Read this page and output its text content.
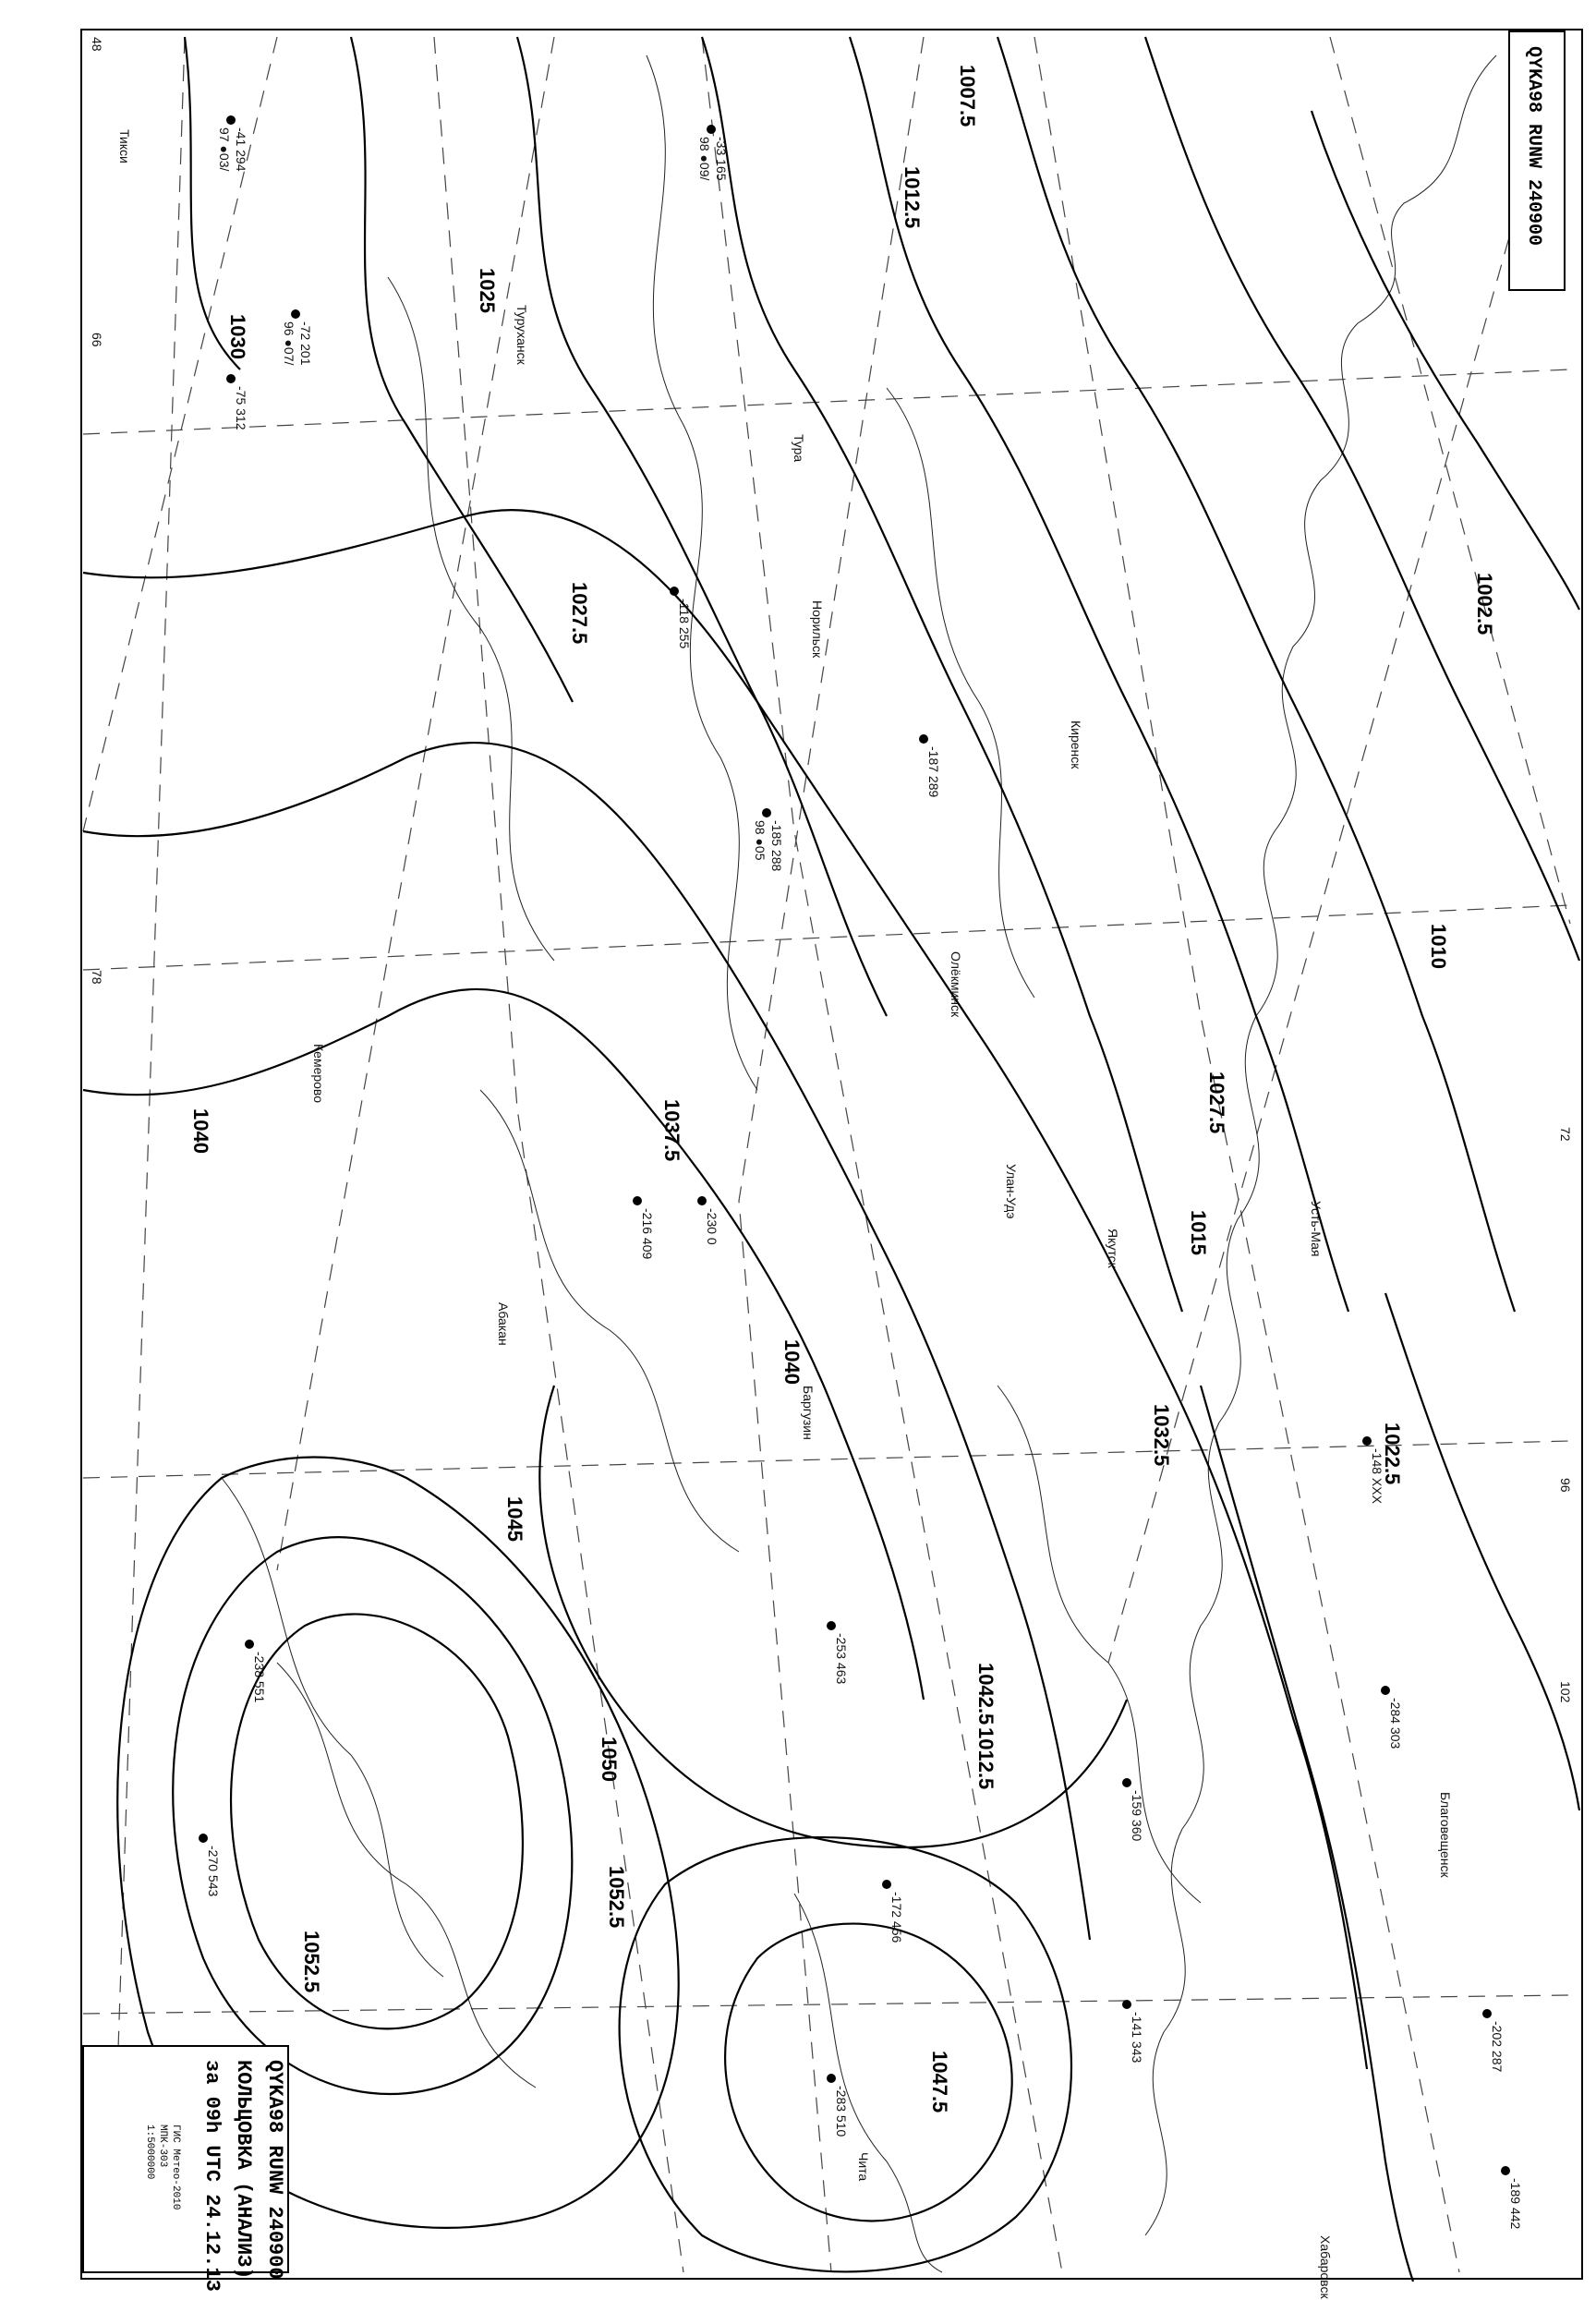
1052.5
1052.5
1050
1047.5
1045
1042.5
1040
1040	1037.5
1032.5
1030
1027.5
1027.5
1025
1022.5
1015
1012.5
1012.5
1010
1002.5
1007.5
-41 294
97 ●03/	-33 165
98 ●09/
-72 201
96 ●07/
-185 288
98 ●05
-216 409
-238 551
-270 543
-283 510
-148 XXX
-202 287
-284 303
-159 360
-141 343
-189 442
-75 312
-118 255
-187 289
-230 0
-253 463
-172 456
Тикси
Туруханск
Норильск
Олёкминск
Якутск
Абакан
Баргузин
Улан-Удэ
Кемерово
Чита
Благовещенск
Хабаровск
Усть-Мая
Киренск
Тура
48
66
78
72
96
102
QYKA98 RUNW 240900
QYKA98 RUNW 240900
КОЛЬЦОВКА (АНАЛИЗ)
за 09h UTC 24.12.13
ГИС Метео-2010
МПК-303
1:5000000
